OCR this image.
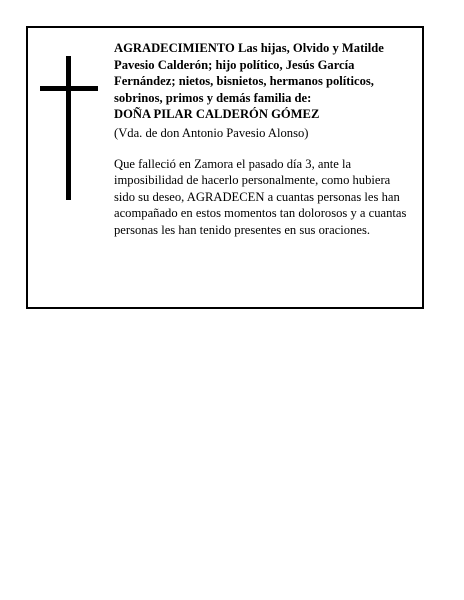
AGRADECIMIENTO Las hijas, Olvido y Matilde Pavesio Calderón; hijo político, Jesús García Fernández; nietos, bisnietos, hermanos políticos, sobrinos, primos y demás familia de:

DOÑA PILAR CALDERÓN GÓMEZ

(Vda. de don Antonio Pavesio Alonso)

Que falleció en Zamora el pasado día 3, ante la imposibilidad de hacerlo personalmente, como hubiera sido su deseo, AGRADECEN a cuantas personas les han acompañado en estos momentos tan dolorosos y a cuantas personas les han tenido presentes en sus oraciones.
